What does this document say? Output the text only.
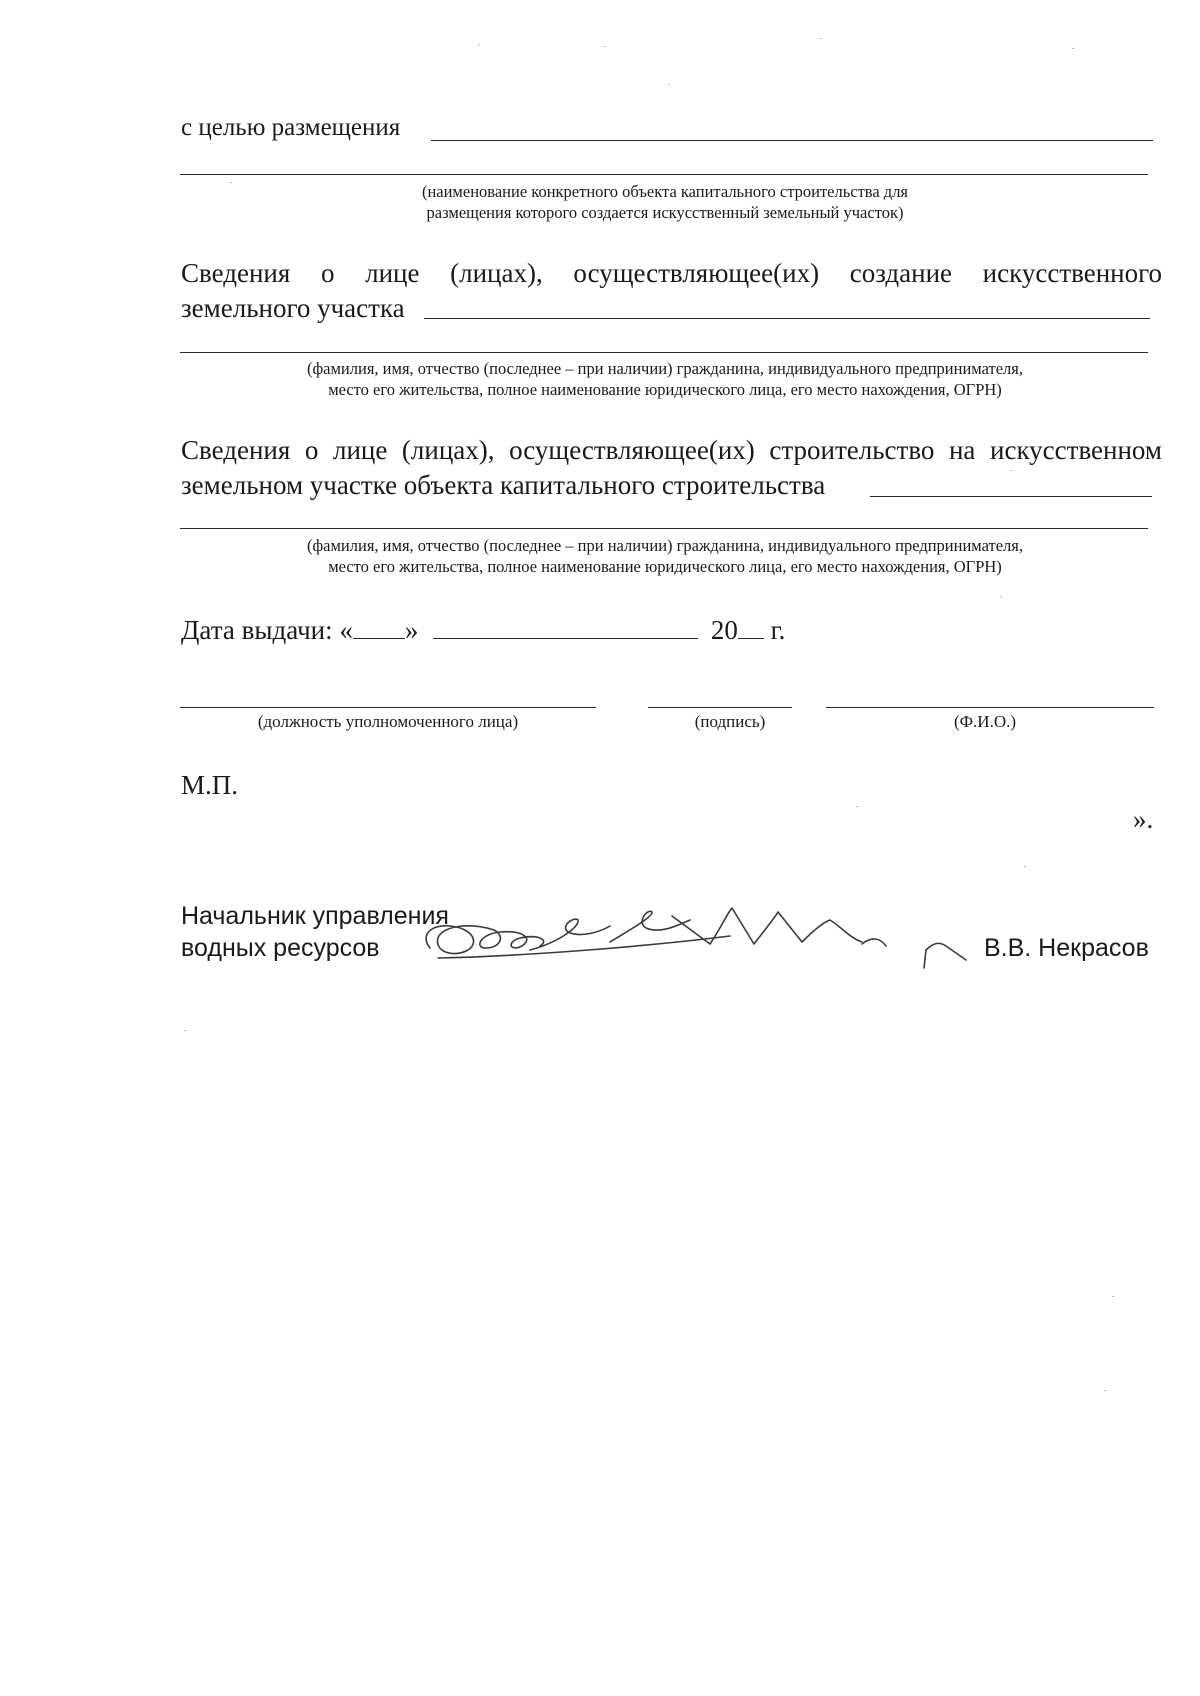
с целью размещения
(наименование конкретного объекта капитального строительства для
размещения которого создается искусственный земельный участок)
Сведения о лице (лицах), осуществляющее(их) создание искусственного
земельного участка
(фамилия, имя, отчество (последнее – при наличии) гражданина, индивидуального предпринимателя,
место его жительства, полное наименование юридического лица, его место нахождения, ОГРН)
Сведения о лице (лицах), осуществляющее(их) строительство на искусственном
земельном участке объекта капитального строительства
(фамилия, имя, отчество (последнее – при наличии) гражданина, индивидуального предпринимателя,
место его жительства, полное наименование юридического лица, его место нахождения, ОГРН)
Дата выдачи: « »	20 г.
(должность уполномоченного лица)	(подпись)	(Ф.И.О.)
М.П.
».
Начальник управления
водных ресурсов	В.В. Некрасов
